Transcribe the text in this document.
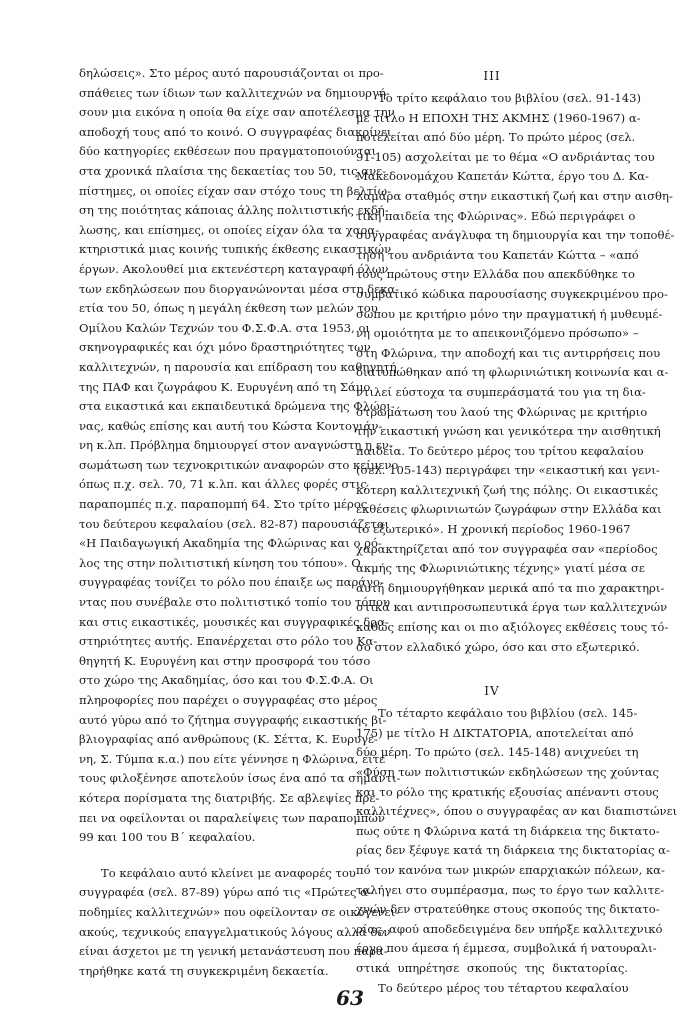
δηλώσεις». Στο μέρος αυτό παρουσιάζονται οι προ-
σπάθειες των ίδιων των καλλιτεχνών να δημιουργή-
σουν μια εικόνα η οποία θα είχε σαν αποτέλεσμα την
αποδοχή τους από το κοινό. Ο συγγραφέας διακρίνει
δύο κατηγορίες εκθέσεων που πραγματοποιούνται
στα χρονικά πλαίσια της δεκαετίας του 50, τις ανε-
πίστημες, οι οποίες είχαν σαν στόχο τους τη βελτίω-
ση της ποιότητας κάποιας άλλης πολιτιστικής εκδή-
λωσης, και επίσημες, οι οποίες είχαν όλα τα χαρα-
κτηριστικά μιας κοινής τυπικής έκθεσης εικαστικών
έργων. Ακολουθεί μια εκτενέστερη καταγραφή όλων
των εκδηλώσεων που διοργανώνονται μέσα στη δεκα-
ετία του 50, όπως η μεγάλη έκθεση των μελών του
Ομίλου Καλών Τεχνών του Φ.Σ.Φ.Α. στα 1953, οι
σκηνογραφικές και όχι μόνο δραστηριότητες των
καλλιτεχνών, η παρουσία και επίδραση του καθηγητή
της ΠΑΦ και ζωγράφου Κ. Ευρυγένη από τη Σάμο
στα εικαστικά και εκπαιδευτικά δρώμενα της Φλώρι-
νας, καθώς επίσης και αυτή του Κώστα Κοντογιάν-
νη κ.λπ. Πρόβλημα δημιουργεί στον αναγνώστη η εν-
σωμάτωση των τεχνοκριτικών αναφορών στο κείμενο
όπως π.χ. σελ. 70, 71 κ.λπ. και άλλες φορές στις
παραπομπές π.χ. παραπομπή 64. Στο τρίτο μέρος
του δεύτερου κεφαλαίου (σελ. 82-87) παρουσιάζεται
«Η Παιδαγωγική Ακαδημία της Φλώρινας και ο ρό-
λος της στην πολιτιστική κίνηση του τόπου». Ο
συγγραφέας τονίζει το ρόλο που έπαιξε ως παράγο-
ντας που συνέβαλε στο πολιτιστικό τοπίο του τόπου
και στις εικαστικές, μουσικές και συγγραφικές δρα-
στηριότητες αυτής. Επανέρχεται στο ρόλο του Κα-
θηγητή Κ. Ευρυγένη και στην προσφορά του τόσο
στο χώρο της Ακαδημίας, όσο και του Φ.Σ.Φ.Α. Οι
πληροφορίες που παρέχει ο συγγραφέας στο μέρος
αυτό γύρω από το ζήτημα συγγραφής εικαστικής βι-
βλιογραφίας από ανθρώπους (Κ. Σέττα, Κ. Ευρυγέ-
νη, Σ. Τύμπα κ.α.) που είτε γέννησε η Φλώρινα, είτε
τους φιλοξένησε αποτελούν ίσως ένα από τα σημαντι-
κότερα πορίσματα της διατριβής. Σε αβλεψίες πρέ-
πει να οφείλονται οι παραλείψεις των παραπομπών
99 και 100 του Β΄ κεφαλαίου.
Το κεφάλαιο αυτό κλείνει με αναφορές του
συγγραφέα (σελ. 87-89) γύρω από τις «Πρώτες α-
ποδημίες καλλιτεχνών» που οφείλονταν σε οικογενει-
ακούς, τεχνικούς επαγγελματικούς λόγους αλλά δεν
είναι άσχετοι με τη γενική μετανάστευση που παρα-
τηρήθηκε κατά τη συγκεκριμένη δεκαετία.
III
Το τρίτο κεφάλαιο του βιβλίου (σελ. 91-143)
με τίτλο Η ΕΠΟΧΗ ΤΗΣ ΑΚΜΗΣ (1960-1967) α-
ποτελείται από δύο μέρη. Το πρώτο μέρος (σελ.
91-105) ασχολείται με το θέμα «Ο ανδριάντας του
Μακεδονομάχου Καπετάν Κώττα, έργο του Δ. Κα-
λαμάρα σταθμός στην εικαστική ζωή και στην αισθη-
τική παιδεία της Φλώρινας». Εδώ περιγράφει ο
συγγραφέας ανάγλυφα τη δημιουργία και την τοποθέ-
τηση του ανδριάντα του Καπετάν Κώττα – «από
τους πρώτους στην Ελλάδα που απεκδύθηκε το
συμβατικό κώδικα παρουσίασης συγκεκριμένου προ-
σώπου με κριτήριο μόνο την πραγματική ή μυθευμέ-
νη ομοιότητα με το απεικονιζόμενο πρόσωπο» –
στη Φλώρινα, την αποδοχή και τις αντιρρήσεις που
διατυπώθηκαν από τη φλωρινιώτικη κοινωνία και α-
ντιλεί εύστοχα τα συμπεράσματά του για τη δια-
στρωμάτωση του λαού της Φλώρινας με κριτήριο
την εικαστική γνώση και γενικότερα την αισθητική
παιδεία. Το δεύτερο μέρος του τρίτου κεφαλαίου
(σελ. 105-143) περιγράφει την «εικαστική και γενι-
κότερη καλλιτεχνική ζωή της πόλης. Οι εικαστικές
εκθέσεις φλωρινιωτών ζωγράφων στην Ελλάδα και
το εξωτερικό». Η χρονική περίοδος 1960-1967
χαρακτηρίζεται από τον συγγραφέα σαν «περίοδος
ακμής της Φλωρινιώτικης τέχνης» γιατί μέσα σε
αυτή δημιουργήθηκαν μερικά από τα πιο χαρακτηρι-
στικά και αντιπροσωπευτικά έργα των καλλιτεχνών
καθώς επίσης και οι πιο αξιόλογες εκθέσεις τους τό-
σο στον ελλαδικό χώρο, όσο και στο εξωτερικό.
IV
Το τέταρτο κεφάλαιο του βιβλίου (σελ. 145-
175) με τίτλο Η ΔΙΚΤΑΤΟΡΙΑ, αποτελείται από
δύο μέρη. Το πρώτο (σελ. 145-148) ανιχνεύει τη
«Φύση των πολιτιστικών εκδηλώσεων της χούντας
και το ρόλο της κρατικής εξουσίας απέναντι στους
καλλιτέχνες», όπου ο συγγραφέας αν και διαπιστώνει
πως ούτε η Φλώρινα κατά τη διάρκεια της δικτατο-
ρίας δεν ξέφυγε κατά τη διάρκεια της δικτατορίας α-
πό τον κανόνα των μικρών επαρχιακών πόλεων, κα-
ταλήγει στο συμπέρασμα, πως το έργο των καλλιτε-
χνών δεν στρατεύθηκε στους σκοπούς της δικτατο-
ρίας, αφού αποδεδειγμένα δεν υπήρξε καλλιτεχνικό
έργο που άμεσα ή έμμεσα, συμβολικά ή νατουραλι-
στικά υπηρέτησε σκοπούς της δικτατορίας.
Το δεύτερο μέρος του τέταρτου κεφαλαίου
63
